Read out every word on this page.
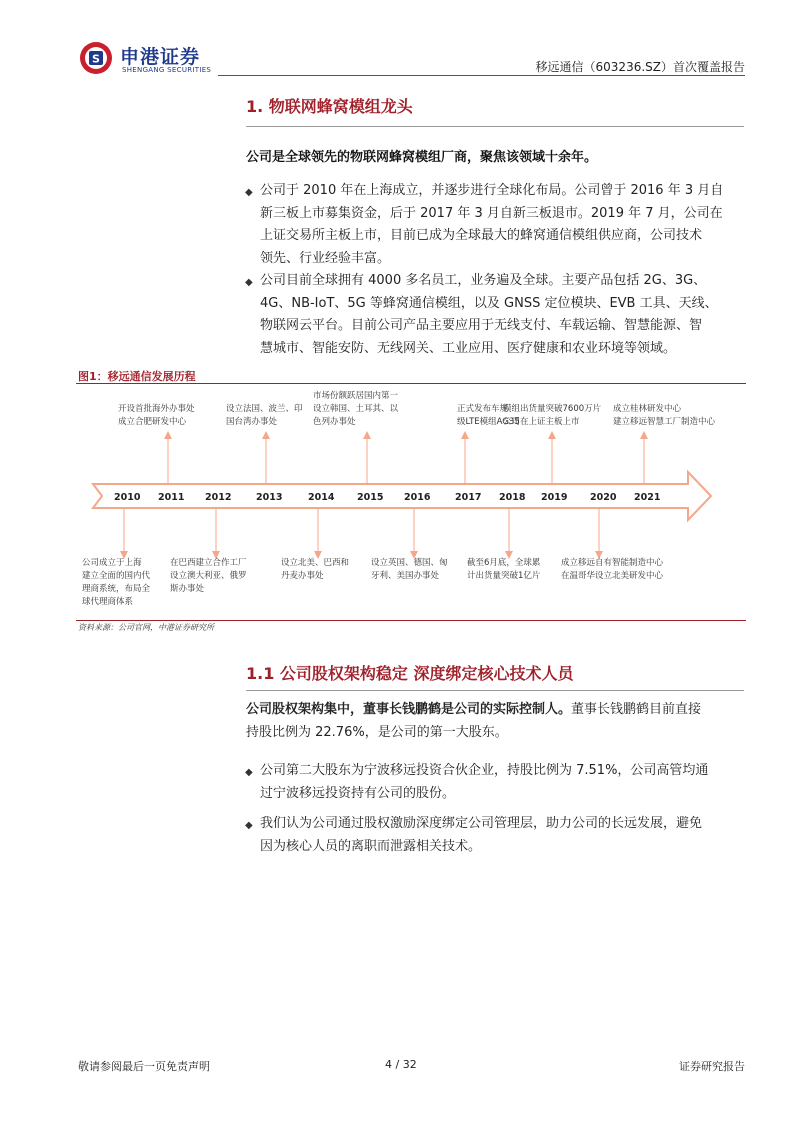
S 申港证券
SHENGANG SECURITIES	移远通信（603236.SZ）首次覆盖报告
1. 物联网蜂窝模组龙头
公司是全球领先的物联网蜂窝模组厂商，聚焦该领域十余年。
◆ 公司于 2010 年在上海成立，并逐步进行全球化布局。公司曾于 2016 年 3 月自
新三板上市募集资金，后于 2017 年 3 月自新三板退市。2019 年 7 月，公司在
上证交易所主板上市，目前已成为全球最大的蜂窝通信模组供应商，公司技术
领先、行业经验丰富。
◆ 公司目前全球拥有 4000 多名员工，业务遍及全球。主要产品包括 2G、3G、
4G、NB-IoT、5G 等蜂窝通信模组，以及 GNSS 定位模块、EVB 工具、天线、
物联网云平台。目前公司产品主要应用于无线支付、车载运输、智慧能源、智
慧城市、智能安防、无线网关、工业应用、医疗健康和农业环境等领域。
图1：移远通信发展历程
2010 2011 2012	2013	2014 2015 2016	2017 2018 2019 2020 2021
开设首批海外办事处
成立合肥研发中心
设立法国、波兰、印
国台湾办事处
市场份额跃居国内第一
设立韩国、土耳其、以
色列办事处
正式发布车规
级LTE模组AG35
模组出货量突破7600万片
公司在上证主板上市
成立桂林研发中心
建立移远智慧工厂制造中心
公司成立于上海
建立全面的国内代
理商系统，布局全
球代理商体系
在巴西建立合作工厂
设立澳大利亚、俄罗
斯办事处
设立北美、巴西和
丹麦办事处
设立英国、德国、匈
牙利、美国办事处
截至6月底，全球累
计出货量突破1亿片
成立移远自有智能制造中心
在温哥华设立北美研发中心
资料来源：公司官网，中港证券研究所
1.1 公司股权架构稳定 深度绑定核心技术人员
公司股权架构集中，董事长钱鹏鹤是公司的实际控制人。董事长钱鹏鹤目前直接
持股比例为 22.76%，是公司的第一大股东。
◆ 公司第二大股东为宁波移远投资合伙企业，持股比例为 7.51%，公司高管均通
过宁波移远投资持有公司的股份。
◆ 我们认为公司通过股权激励深度绑定公司管理层，助力公司的长远发展，避免
因为核心人员的离职而泄露相关技术。
敬请参阅最后一页免责声明	4 / 32	证券研究报告
